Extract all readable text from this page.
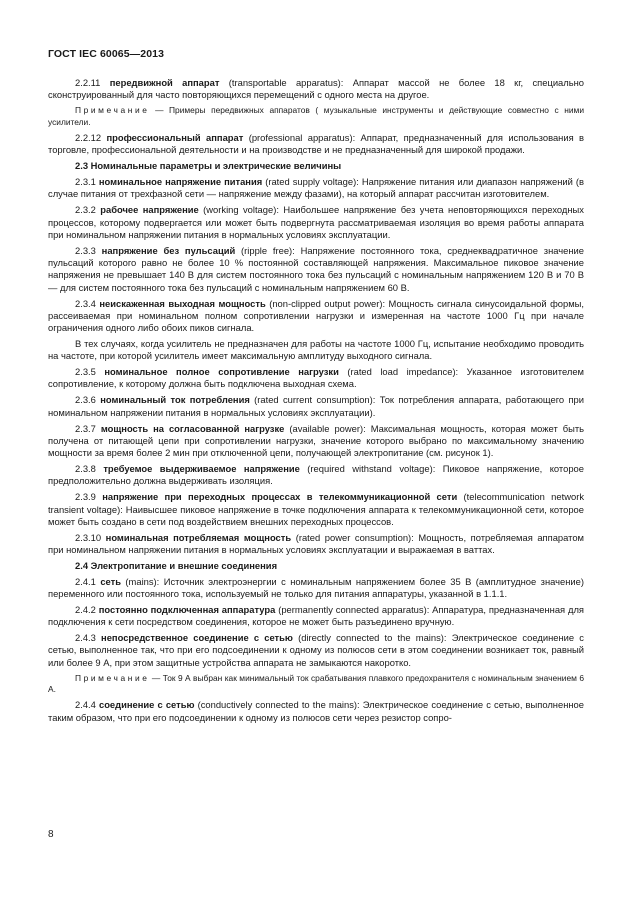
ГОСТ IEC 60065—2013

2.2.11 передвижной аппарат (transportable apparatus): Аппарат массой не более 18 кг, специально сконструированный для часто повторяющихся перемещений с одного места на другое.

Примечание — Примеры передвижных аппаратов ( музыкальные инструменты и действующие совместно с ними усилители.

2.2.12 профессиональный аппарат (professional apparatus): Аппарат, предназначенный для использования в торговле, профессиональной деятельности и на производстве и не предназначенный для широкой продажи.

2.3 Номинальные параметры и электрические величины

2.3.1 номинальное напряжение питания (rated supply voltage): Напряжение питания или диапазон напряжений (в случае питания от трехфазной сети — напряжение между фазами), на который аппарат рассчитан изготовителем.

2.3.2 рабочее напряжение (working voltage): Наибольшее напряжение без учета неповторяющихся переходных процессов, которому подвергается или может быть подвергнута рассматриваемая изоляция во время работы аппарата при номинальном напряжении питания в нормальных условиях эксплуатации.

2.3.3 напряжение без пульсаций (ripple free): Напряжение постоянного тока, среднеквадратичное значение пульсаций которого равно не более 10 % постоянной составляющей напряжения. Максимальное пиковое значение напряжения не превышает 140 В для систем постоянного тока без пульсаций с номинальным напряжением 120 В и 70 В — для систем постоянного тока без пульсаций с номинальным напряжением 60 В.

2.3.4 неискаженная выходная мощность (non-clipped output power): Мощность сигнала синусоидальной формы, рассеиваемая при номинальном полном сопротивлении нагрузки и измеренная на частоте 1000 Гц при начале ограничения одного либо обоих пиков сигнала.

В тех случаях, когда усилитель не предназначен для работы на частоте 1000 Гц, испытание необходимо проводить на частоте, при которой усилитель имеет максимальную амплитуду выходного сигнала.

2.3.5 номинальное полное сопротивление нагрузки (rated load impedance): Указанное изготовителем сопротивление, к которому должна быть подключена выходная схема.

2.3.6 номинальный ток потребления (rated current consumption): Ток потребления аппарата, работающего при номинальном напряжении питания в нормальных условиях эксплуатации).

2.3.7 мощность на согласованной нагрузке (available power): Максимальная мощность, которая может быть получена от питающей цепи при сопротивлении нагрузки, значение которого выбрано по максимальному значению мощности за время более 2 мин при отключенной цепи, получающей электропитание (см. рисунок 1).

2.3.8 требуемое выдерживаемое напряжение (required withstand voltage): Пиковое напряжение, которое предположительно должна выдерживать изоляция.

2.3.9 напряжение при переходных процессах в телекоммуникационной сети (telecommunication network transient voltage): Наивысшее пиковое напряжение в точке подключения аппарата к телекоммуникационной сети, которое может быть создано в сети под воздействием внешних переходных процессов.

2.3.10 номинальная потребляемая мощность (rated power consumption): Мощность, потребляемая аппаратом при номинальном напряжении питания в нормальных условиях эксплуатации и выражаемая в ваттах.

2.4 Электропитание и внешние соединения

2.4.1 сеть (mains): Источник электроэнергии с номинальным напряжением более 35 В (амплитудное значение) переменного или постоянного тока, используемый не только для питания аппаратуры, указанной в 1.1.1.

2.4.2 постоянно подключенная аппаратура (permanently connected apparatus): Аппаратура, предназначенная для подключения к сети посредством соединения, которое не может быть разъединено вручную.

2.4.3 непосредственное соединение с сетью (directly connected to the mains): Электрическое соединение с сетью, выполненное так, что при его подсоединении к одному из полюсов сети в этом соединении возникает ток, равный или более 9 А, при этом защитные устройства аппарата не замыкаются накоротко.

Примечание — Ток 9 А выбран как минимальный ток срабатывания плавкого предохранителя с номинальным значением 6 А.

2.4.4 соединение с сетью (conductively connected to the mains): Электрическое соединение с сетью, выполненное таким образом, что при его подсоединении к одному из полюсов сети через резистор сопро-

8
